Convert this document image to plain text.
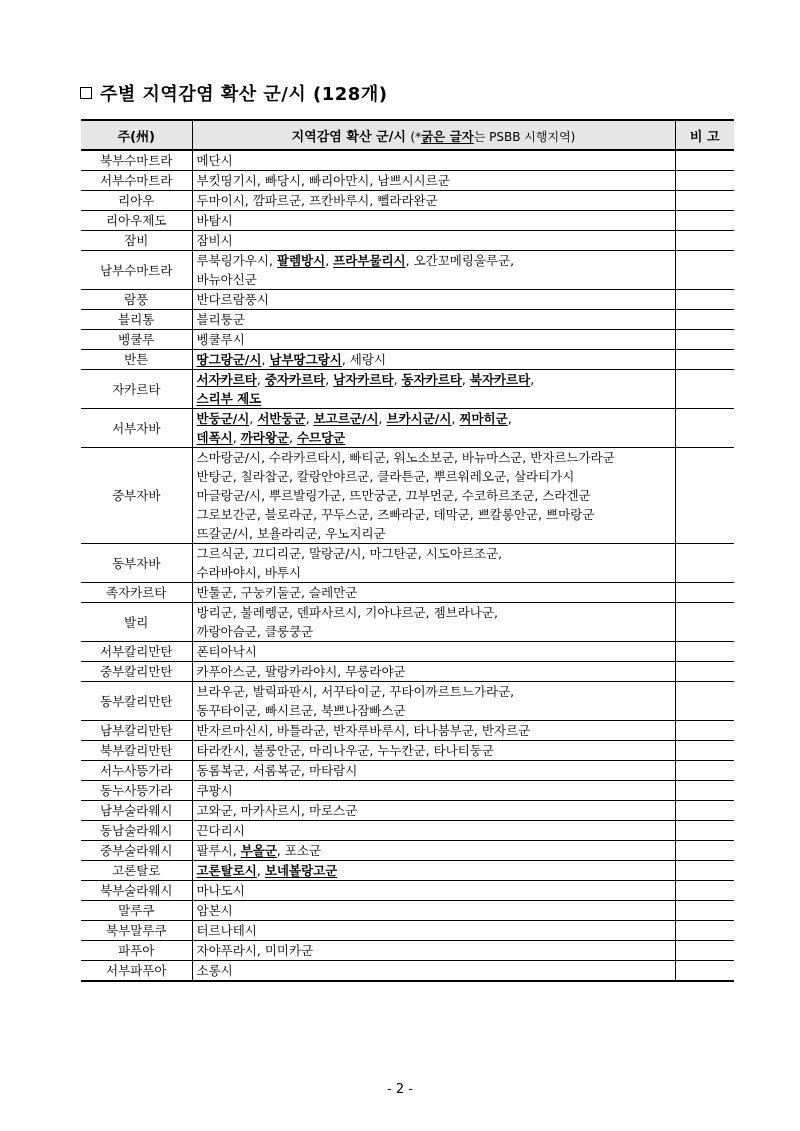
주별 지역감염 확산 군/시 (128개)
주(州)	지역감염 확산 군/시 (*굵은 글자는 PSBB 시행지역)	비 고
북부수마트라	메단시	

서부수마트라	부킷띵기시, 빠당시, 빠리아만시, 남쁘시시르군	

리아우	두마이시, 깜파르군, 프칸바루시, 뻴라라완군	

리아우제도	바탐시	

잠비	잠비시	

남부수마트라	루북링가우시, 팔렘방시, 프라부물리시, 오간꼬메링울루군,
바뉴아신군	

람풍	반다르람풍시	

블리통	블리퉁군	

벵쿨루	벵쿨루시	

반튼	땅그랑군/시, 남부땅그랑시, 세랑시	

자카르타	서자카르타, 중자카르타, 남자카르타, 동자카르타, 북자카르타,
스리부 제도	

서부자바	반둥군/시, 서반둥군, 보고르군/시, 브카시군/시, 찌마히군,
데폭시, 까라왕군, 수므당군	

중부자바	스마랑군/시, 수라카르타시, 빠티군, 워노소보군, 바뉴마스군, 반자르느가라군
반탕군, 칠라찹군, 칼랑안야르군, 클라튼군, 뿌르워레오군, 살라티가시
마글랑군/시, 뿌르발링가군, 뜨만궁군, 끄부먼군, 수코하르조군, 스라겐군
그로보간군, 블로라군, 꾸두스군, 즈빠라군, 데막군, 쁘칼롱안군, 쁘마랑군
뜨갈군/시, 보욜라리군, 우노지리군	

동부자바	그르식군, 끄디리군, 말랑군/시, 마그탄군, 시도아르조군,
수라바야시, 바투시	

족자카르타	반툴군, 구눙키둘군, 슬레만군	

발리	방리군, 불레렝군, 덴파사르시, 기아냐르군, 젬브라나군,
까랑아슴군, 클룽쿵군	

서부칼리만탄	폰티아낙시	

중부칼리만탄	카푸아스군, 팔랑카라야시, 무룽라야군	

동부칼리만탄	브라우군, 발릭파판시, 서꾸타이군, 꾸타이까르트느가라군,
동꾸타이군, 빠시르군, 북쁘나잠빠스군	

남부칼리만탄	반자르마신시, 바틀라군, 반자루바루시, 타나붐부군, 반자르군	

북부칼리만탄	타라칸시, 불룽안군, 마리나우군, 누누칸군, 타나티둥군	

서누사뜽가라	동롬복군, 서롬복군, 마타람시	

동누사뜽가라	쿠팡시	

남부술라웨시	고와군, 마카사르시, 마로스군	

동남술라웨시	끈다리시	

중부술라웨시	팔루시, 부올군, 포소군	

고론탈로	고론탈로시, 보네볼랑고군	

북부술라웨시	마나도시	

말루쿠	암본시	

북부말루쿠	터르나테시	

파푸아	자야푸라시, 미미카군	

서부파푸아	소롱시	

- 2 -
